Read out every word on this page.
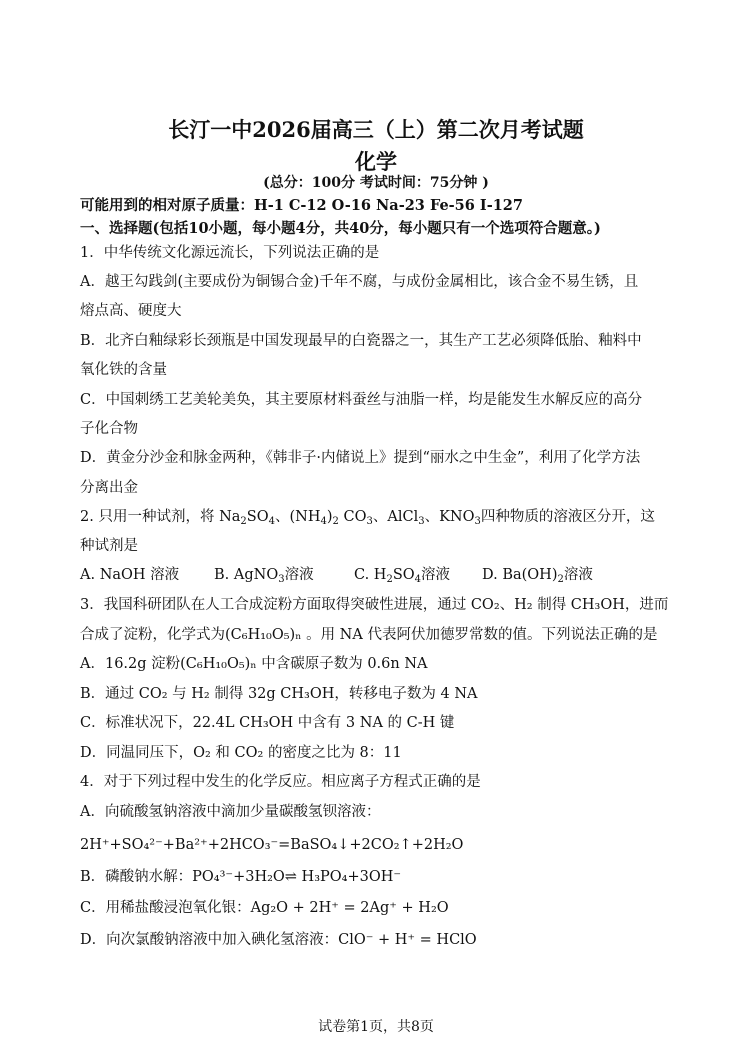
长汀一中2026届高三（上）第二次月考试题
化学
(总分：100分 考试时间：75分钟 )
可能用到的相对原子质量：H-1 C-12 O-16 Na-23 Fe-56 I-127
一、选择题(包括10小题，每小题4分，共40分，每小题只有一个选项符合题意。)
1．中华传统文化源远流长，下列说法正确的是
A．越王勾践剑(主要成份为铜锡合金)千年不腐，与成份金属相比，该合金不易生锈，且
熔点高、硬度大
B．北齐白釉绿彩长颈瓶是中国发现最早的白瓷器之一，其生产工艺必须降低胎、釉料中
氧化铁的含量
C．中国刺绣工艺美轮美奂，其主要原材料蚕丝与油脂一样，均是能发生水解反应的高分
子化合物
D．黄金分沙金和脉金两种，《韩非子·内储说上》提到“丽水之中生金”，利用了化学方法
分离出金
2. 只用一种试剂，将 $Na_2SO_4$、$(NH_4)_2$ $CO_3$、AlCl$_3$、$KNO_3$四种物质的溶液区分开，这
种试剂是
A. NaOH 溶液 B. AgNO$_3$溶液	C. $H_2SO_4$溶液 D. $Ba(OH)_2$溶液
3．我国科研团队在人工合成淀粉方面取得突破性进展，通过 CO₂、H₂ 制得 CH₃OH，进而
合成了淀粉，化学式为(C₆H₁₀O₅)ₙ 。用 NA 代表阿伏加德罗常数的值。下列说法正确的是
A．16.2g 淀粉(C₆H₁₀O₅)ₙ 中含碳原子数为 0.6n NA
B．通过 CO₂ 与 H₂ 制得 32g CH₃OH，转移电子数为 4 NA
C．标准状况下，22.4L CH₃OH 中含有 3 NA 的 C-H 键
D．同温同压下，O₂ 和 CO₂ 的密度之比为 8：11
4．对于下列过程中发生的化学反应。相应离子方程式正确的是
A．向硫酸氢钠溶液中滴加少量碳酸氢钡溶液：
2H⁺+SO₄²⁻+Ba²⁺+2HCO₃⁻=BaSO₄↓+2CO₂↑+2H₂O
B．磷酸钠水解：PO₄³⁻+3H₂O⇌ H₃PO₄+3OH⁻
C．用稀盐酸浸泡氧化银：Ag₂O + 2H⁺ = 2Ag⁺ + H₂O
D．向次氯酸钠溶液中加入碘化氢溶液：ClO⁻ + H⁺ = HClO
试卷第1页，共8页
